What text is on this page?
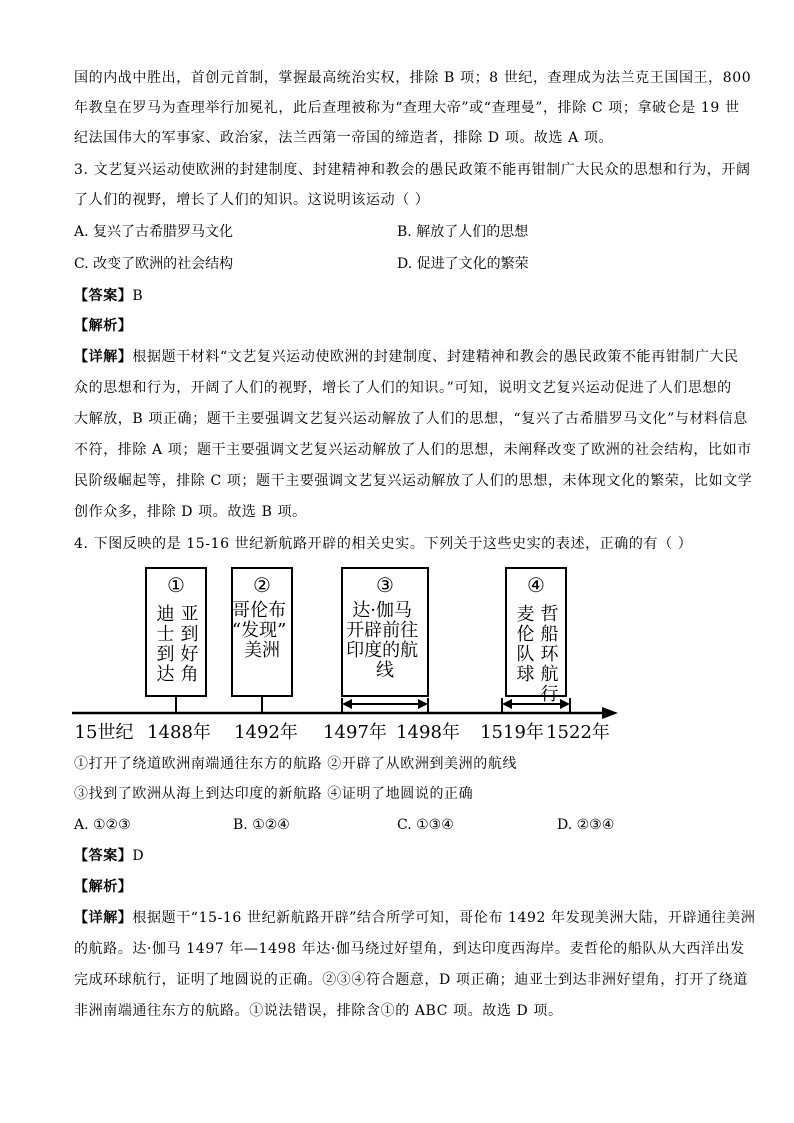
国的内战中胜出，首创元首制，掌握最高统治实权，排除 B 项；8 世纪，查理成为法兰克王国国王，800
年教皇在罗马为查理举行加冕礼，此后查理被称为“查理大帝”或“查理曼”，排除 C 项；拿破仑是 19 世
纪法国伟大的军事家、政治家，法兰西第一帝国的缔造者，排除 D 项。故选 A 项。
3. 文艺复兴运动使欧洲的封建制度、封建精神和教会的愚民政策不能再钳制广大民众的思想和行为，开阔
了人们的视野，增长了人们的知识。这说明该运动（ ）
A. 复兴了古希腊罗马文化	B. 解放了人们的思想
C. 改变了欧洲的社会结构	D. 促进了文化的繁荣
【答案】B
【解析】
【详解】根据题干材料“文艺复兴运动使欧洲的封建制度、封建精神和教会的愚民政策不能再钳制广大民
众的思想和行为，开阔了人们的视野，增长了人们的知识。”可知，说明文艺复兴运动促进了人们思想的
大解放，B 项正确；题干主要强调文艺复兴运动解放了人们的思想，“复兴了古希腊罗马文化”与材料信息
不符，排除 A 项；题干主要强调文艺复兴运动解放了人们的思想，未阐释改变了欧洲的社会结构，比如市
民阶级崛起等，排除 C 项；题干主要强调文艺复兴运动解放了人们的思想，未体现文化的繁荣，比如文学
创作众多，排除 D 项。故选 B 项。
4. 下图反映的是 15-16 世纪新航路开辟的相关史实。下列关于这些史实的表述，正确的有（ ）
①	②	③	④
迪士到达 亚到好角 哥伦布 “发现” 美洲
达·伽马 开辟前往 印度的航 线	麦伦队球 哲船环航行
15世纪 1488年 1492年 1497年 1498年 1519年 1522年
①打开了绕道欧洲南端通往东方的航路 ②开辟了从欧洲到美洲的航线
③找到了欧洲从海上到达印度的新航路 ④证明了地圆说的正确
A. ①②③	B. ①②④	C. ①③④	D. ②③④
【答案】D
【解析】
【详解】根据题干“15-16 世纪新航路开辟”结合所学可知，哥伦布 1492 年发现美洲大陆，开辟通往美洲
的航路。达·伽马 1497 年—1498 年达·伽马绕过好望角，到达印度西海岸。麦哲伦的船队从大西洋出发
完成环球航行，证明了地圆说的正确。②③④符合题意，D 项正确；迪亚士到达非洲好望角，打开了绕道
非洲南端通往东方的航路。①说法错误，排除含①的 ABC 项。故选 D 项。
